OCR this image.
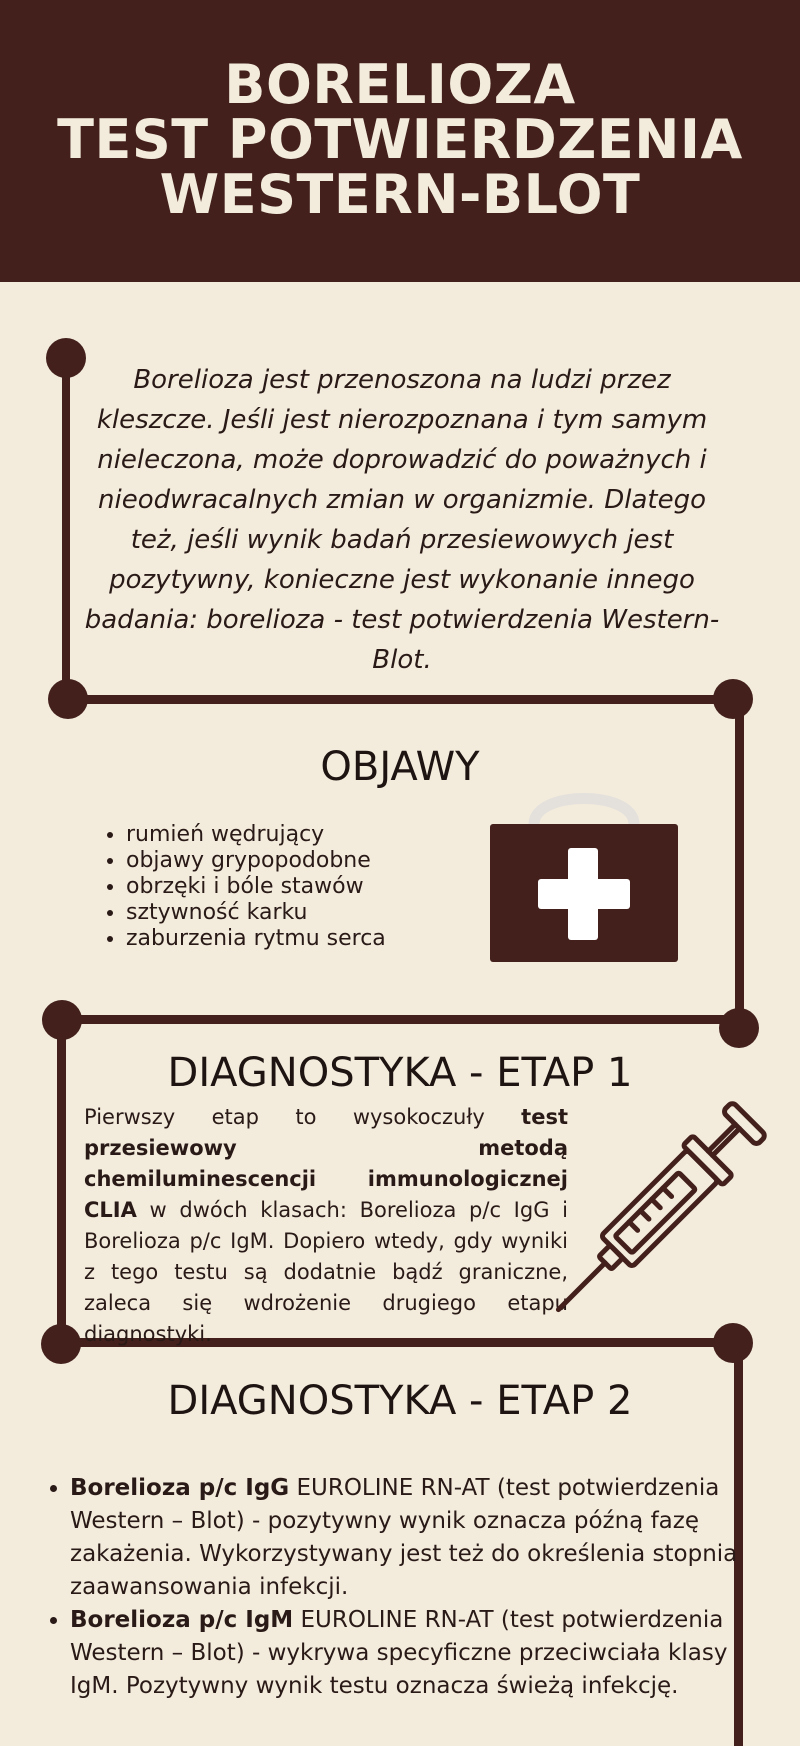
BORELIOZA
TEST POTWIERDZENIA
WESTERN-BLOT
Borelioza jest przenoszona na ludzi przez kleszcze. Jeśli jest nierozpoznana i tym samym nieleczona, może doprowadzić do poważnych i nieodwracalnych zmian w organizmie. Dlatego też, jeśli wynik badań przesiewowych jest pozytywny, konieczne jest wykonanie innego badania: borelioza - test potwierdzenia Western-Blot.
OBJAWY
• rumień wędrujący
• objawy grypopodobne
• obrzęki i bóle stawów
• sztywność karku
• zaburzenia rytmu serca
DIAGNOSTYKA - ETAP 1
Pierwszy etap to wysokoczuły test przesiewowy metodą chemiluminescencji immunologicznej CLIA w dwóch klasach: Borelioza p/c IgG i Borelioza p/c IgM. Dopiero wtedy, gdy wyniki z tego testu są dodatnie bądź graniczne, zaleca się wdrożenie drugiego etapu diagnostyki.
DIAGNOSTYKA - ETAP 2
• Borelioza p/c IgG EUROLINE RN-AT (test potwierdzenia Western – Blot) - pozytywny wynik oznacza późną fazę zakażenia. Wykorzystywany jest też do określenia stopnia zaawansowania infekcji.
• Borelioza p/c IgM EUROLINE RN-AT (test potwierdzenia Western – Blot) - wykrywa specyficzne przeciwciała klasy IgM. Pozytywny wynik testu oznacza świeżą infekcję.
